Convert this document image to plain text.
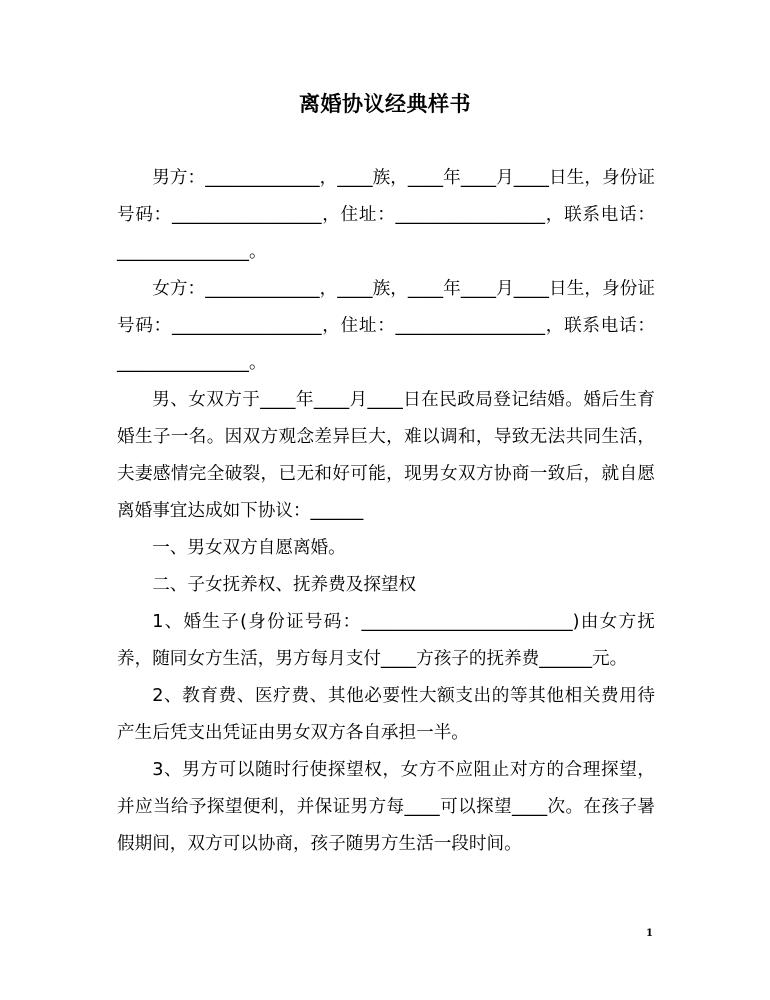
离婚协议经典样书

男方：_____________，____族，____年____月____日生，身份证号码：_________________，住址：_________________，联系电话：_______________。

女方：_____________，____族，____年____月____日生，身份证号码：_________________，住址：_________________，联系电话：_______________。

男、女双方于____年____月____日在民政局登记结婚。婚后生育婚生子一名。因双方观念差异巨大，难以调和，导致无法共同生活，夫妻感情完全破裂，已无和好可能，现男女双方协商一致后，就自愿离婚事宜达成如下协议：______

一、男女双方自愿离婚。

二、子女抚养权、抚养费及探望权

1、婚生子(身份证号码：________________________)由女方抚养，随同女方生活，男方每月支付____方孩子的抚养费______元。

2、教育费、医疗费、其他必要性大额支出的等其他相关费用待产生后凭支出凭证由男女双方各自承担一半。

3、男方可以随时行使探望权，女方不应阻止对方的合理探望，并应当给予探望便利，并保证男方每____可以探望____次。在孩子暑假期间，双方可以协商，孩子随男方生活一段时间。

1
